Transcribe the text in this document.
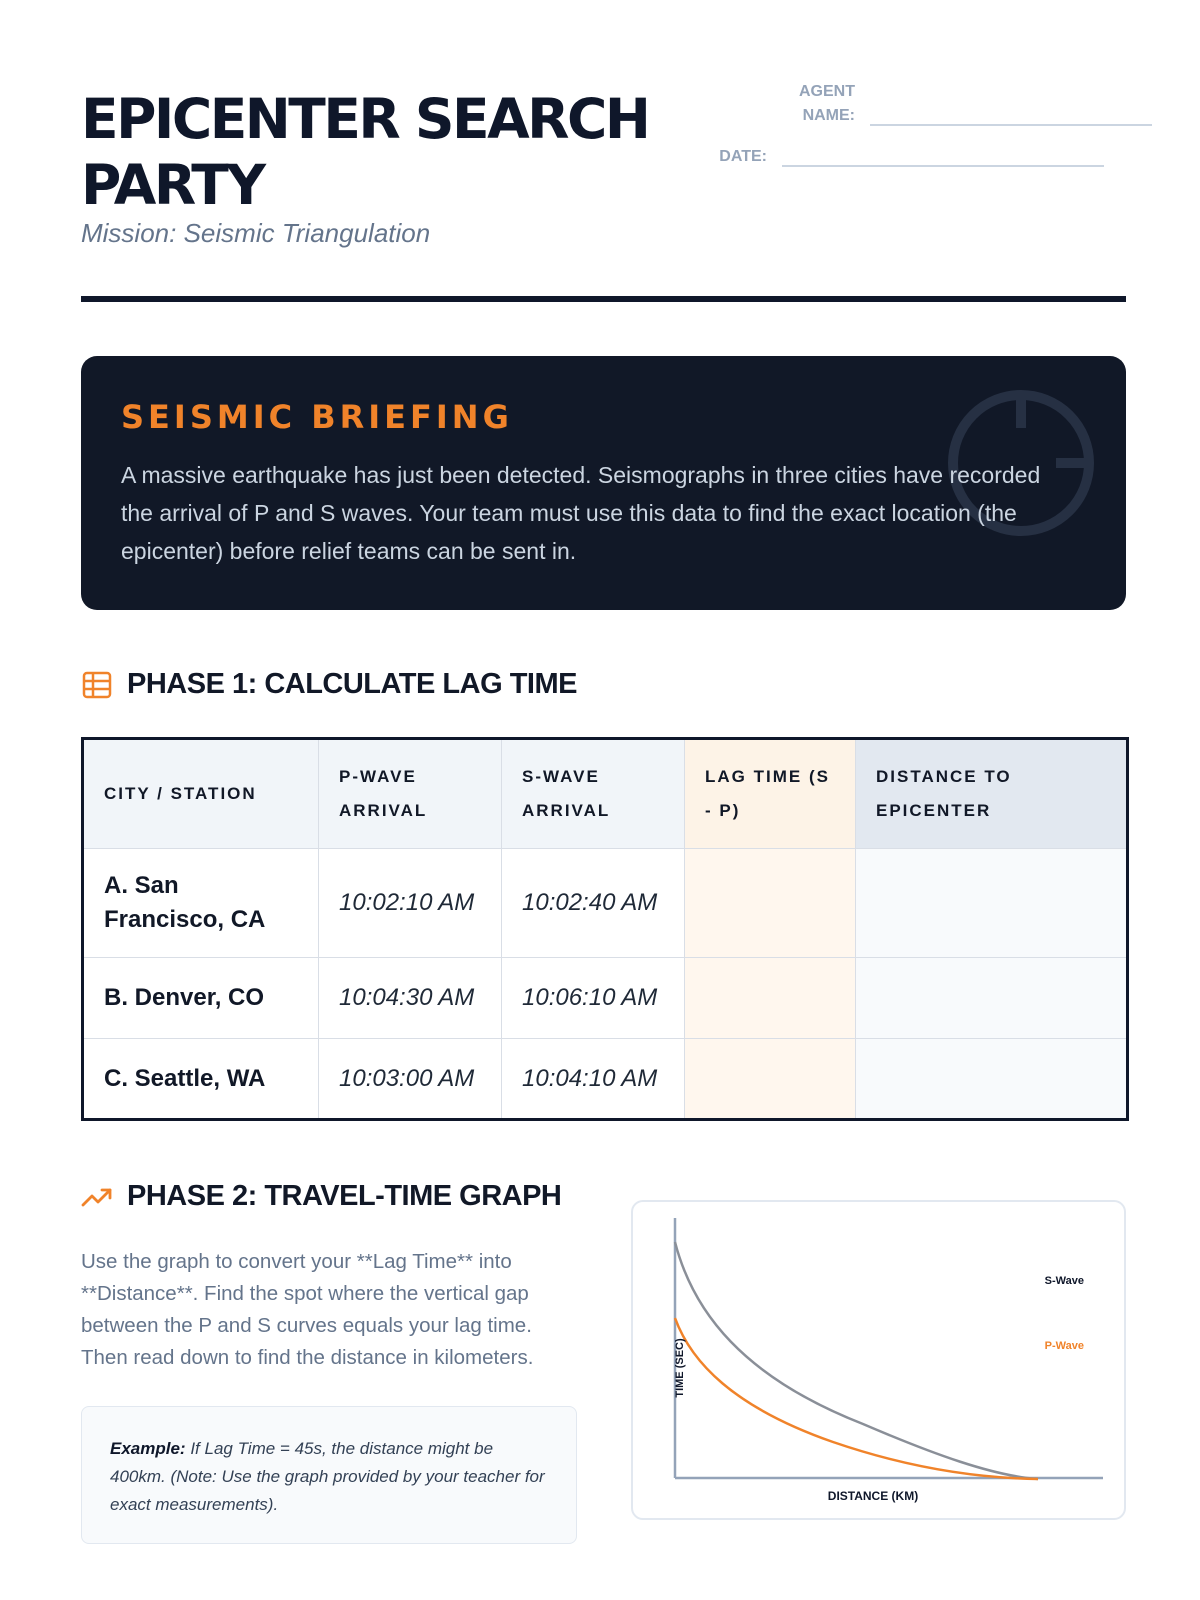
EPICENTER SEARCH
PARTY
Mission: Seismic Triangulation
AGENT
NAME:
DATE:
SEISMIC BRIEFING
A massive earthquake has just been detected. Seismographs in three cities have recorded the arrival of P and S waves. Your team must use this data to find the exact location (the epicenter) before relief teams can be sent in.
PHASE 1: CALCULATE LAG TIME
CITY / STATION	P-WAVE ARRIVAL	S-WAVE ARRIVAL	LAG TIME (S - P)	DISTANCE TO EPICENTER
A. San Francisco, CA	10:02:10 AM	10:02:40 AM		
B. Denver, CO	10:04:30 AM	10:06:10 AM		
C. Seattle, WA	10:03:00 AM	10:04:10 AM		
PHASE 2: TRAVEL-TIME GRAPH
Use the graph to convert your **Lag Time** into **Distance**. Find the spot where the vertical gap between the P and S curves equals your lag time. Then read down to find the distance in kilometers.
Example: If Lag Time = 45s, the distance might be 400km. (Note: Use the graph provided by your teacher for exact measurements).
TIME (SEC)
DISTANCE (KM)
S-Wave
P-Wave
